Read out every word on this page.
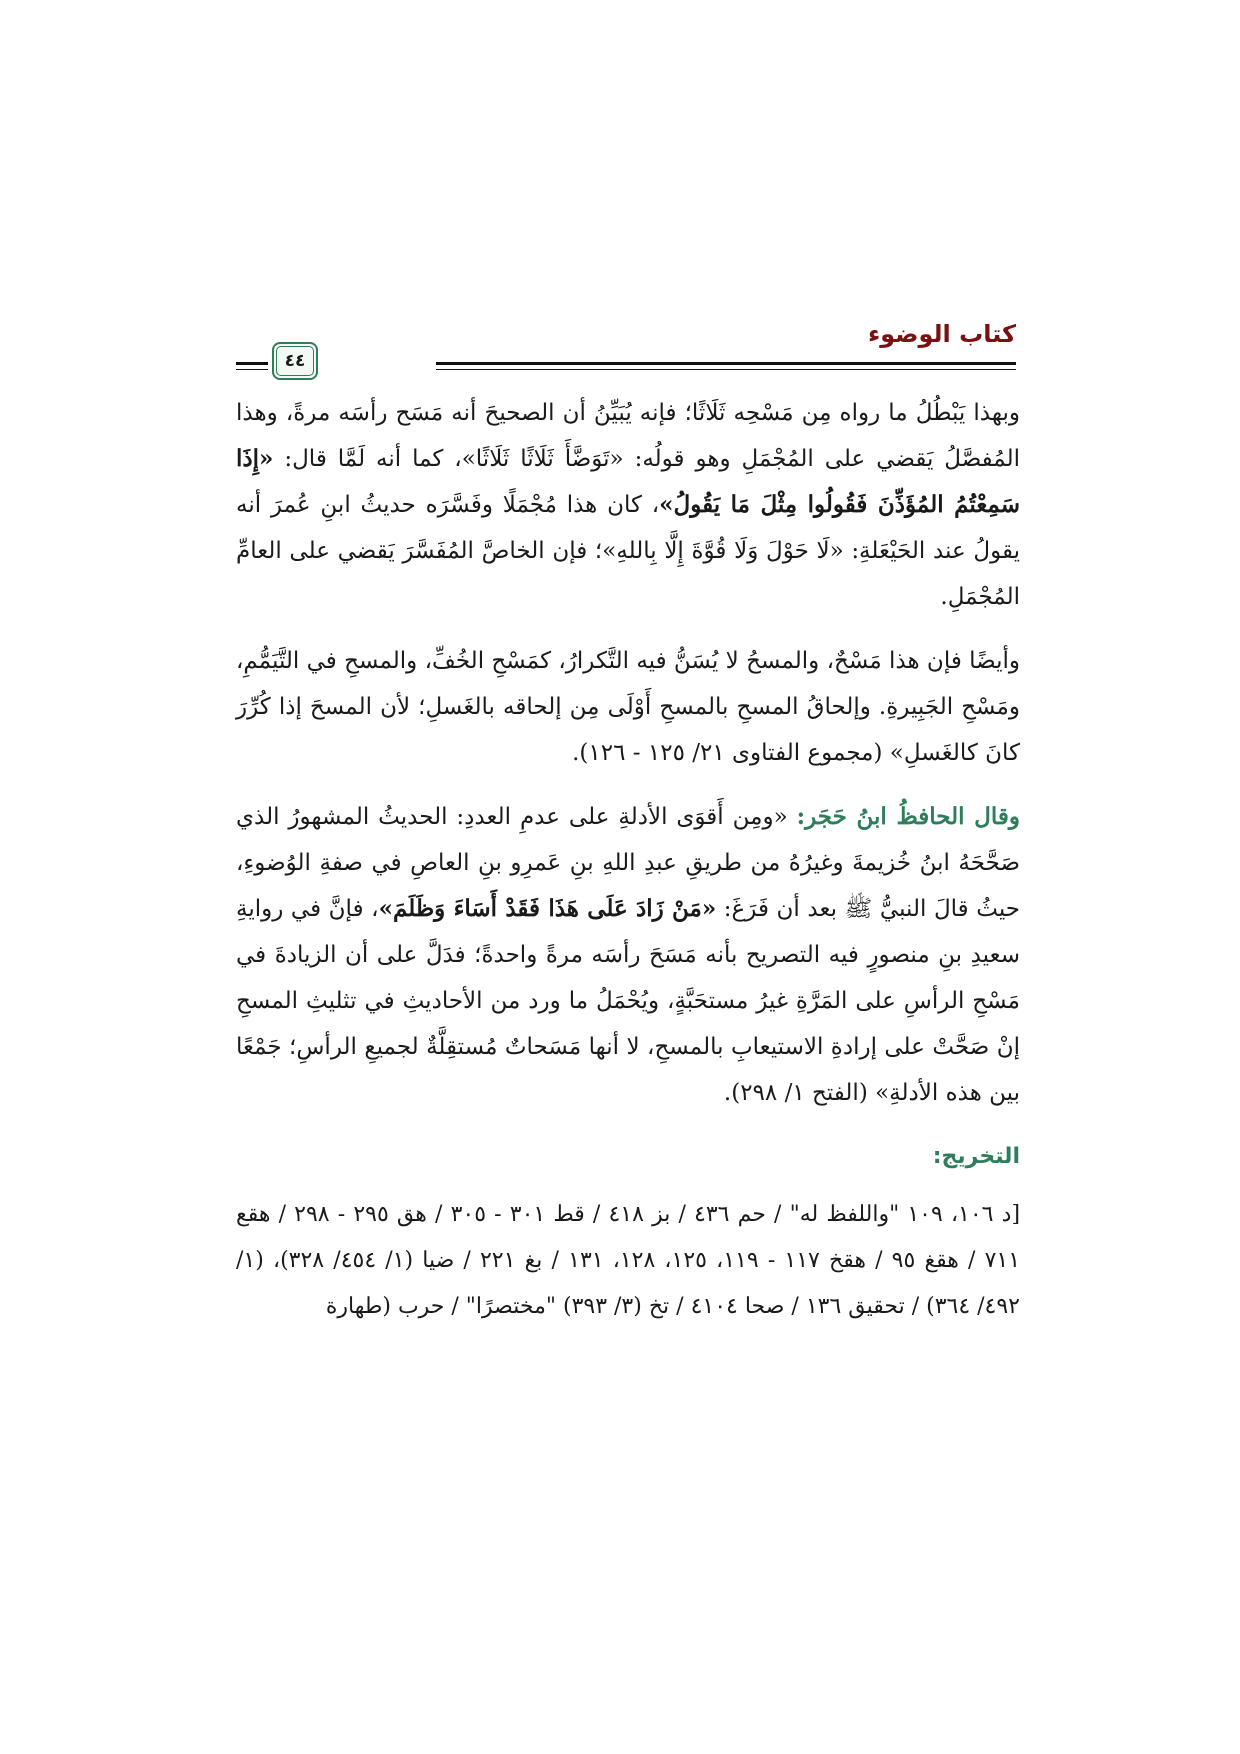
كتاب الوضوء
٤٤

وبهذا يَبْطُلُ ما رواه مِن مَسْحِه ثَلَاثًا؛ فإنه يُبَيِّنُ أن الصحيحَ أنه مَسَح رأسَه مرةً، وهذا المُفصَّلُ يَقضي على المُجْمَلِ وهو قولُه: «تَوَضَّأَ ثَلَاثًا ثَلَاثًا»، كما أنه لَمَّا قال: «إِذَا سَمِعْتُمُ المُؤَذِّنَ فَقُولُوا مِثْلَ مَا يَقُولُ»، كان هذا مُجْمَلًا وفَسَّرَه حديثُ ابنِ عُمرَ أنه يقولُ عند الحَيْعَلةِ: «لَا حَوْلَ وَلَا قُوَّةَ إِلَّا بِاللهِ»؛ فإن الخاصَّ المُفَسَّرَ يَقضي على العامِّ المُجْمَلِ.

وأيضًا فإن هذا مَسْحٌ، والمسحُ لا يُسَنُّ فيه التَّكرارُ، كمَسْحِ الخُفِّ، والمسحِ في التَّيَمُّمِ، ومَسْحِ الجَبِيرةِ. وإلحاقُ المسحِ بالمسحِ أَوْلَى مِن إلحاقه بالغَسلِ؛ لأن المسحَ إذا كُرِّرَ كانَ كالغَسلِ» (مجموع الفتاوى ٢١/ ١٢٥ - ١٢٦).

وقال الحافظُ ابنُ حَجَر: «ومِن أَقوَى الأدلةِ على عدمِ العددِ: الحديثُ المشهورُ الذي صَحَّحَهُ ابنُ خُزيمةَ وغيرُهُ من طريقِ عبدِ اللهِ بنِ عَمرِو بنِ العاصِ في صفةِ الوُضوءِ، حيثُ قالَ النبيُّ ﷺ بعد أن فَرَغَ: «مَنْ زَادَ عَلَى هَذَا فَقَدْ أَسَاءَ وَظَلَمَ»، فإنَّ في روايةِ سعيدِ بنِ منصورٍ فيه التصريح بأنه مَسَحَ رأسَه مرةً واحدةً؛ فدَلَّ على أن الزيادةَ في مَسْحِ الرأسِ على المَرَّةِ غيرُ مستحَبَّةٍ، ويُحْمَلُ ما ورد من الأحاديثِ في تثليثِ المسحِ إنْ صَحَّتْ على إرادةِ الاستيعابِ بالمسحِ، لا أنها مَسَحاتٌ مُستقِلَّةٌ لجميعِ الرأسِ؛ جَمْعًا بين هذه الأدلةِ» (الفتح ١/ ٢٩٨).

التخريج:

[د ١٠٦، ١٠٩ "واللفظ له" / حم ٤٣٦ / بز ٤١٨ / قط ٣٠١ - ٣٠٥ / هق ٢٩٥ - ٢٩٨ / هقع ٧١١ / هقغ ٩٥ / هقخ ١١٧ - ١١٩، ١٢٥، ١٢٨، ١٣١ / بغ ٢٢١ / ضيا (١/ ٤٥٤/ ٣٢٨)، (١/ ٤٩٢/ ٣٦٤) / تحقيق ١٣٦ / صحا ٤١٠٤ / تخ (٣/ ٣٩٣) "مختصرًا" / حرب (طهارة
